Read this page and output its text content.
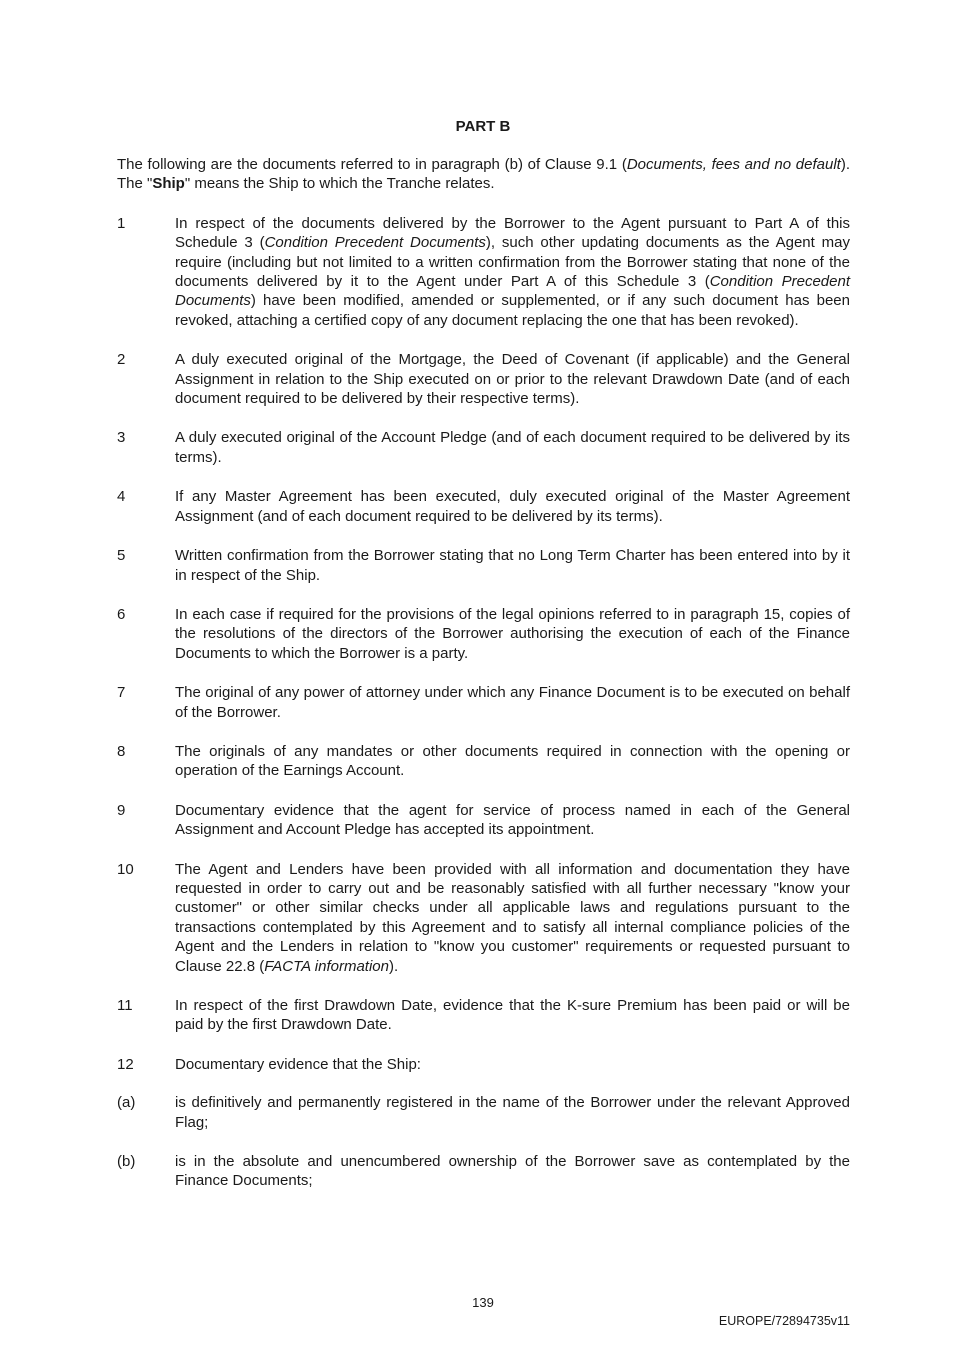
PART B

The following are the documents referred to in paragraph (b) of Clause 9.1 (Documents, fees and no default). The "Ship" means the Ship to which the Tranche relates.

1	In respect of the documents delivered by the Borrower to the Agent pursuant to Part A of this Schedule 3 (Condition Precedent Documents), such other updating documents as the Agent may require (including but not limited to a written confirmation from the Borrower stating that none of the documents delivered by it to the Agent under Part A of this Schedule 3 (Condition Precedent Documents) have been modified, amended or supplemented, or if any such document has been revoked, attaching a certified copy of any document replacing the one that has been revoked).
2	A duly executed original of the Mortgage, the Deed of Covenant (if applicable) and the General Assignment in relation to the Ship executed on or prior to the relevant Drawdown Date (and of each document required to be delivered by their respective terms).
3	A duly executed original of the Account Pledge (and of each document required to be delivered by its terms).
4	If any Master Agreement has been executed, duly executed original of the Master Agreement Assignment (and of each document required to be delivered by its terms).
5	Written confirmation from the Borrower stating that no Long Term Charter has been entered into by it in respect of the Ship.
6	In each case if required for the provisions of the legal opinions referred to in paragraph 15, copies of the resolutions of the directors of the Borrower authorising the execution of each of the Finance Documents to which the Borrower is a party.
7	The original of any power of attorney under which any Finance Document is to be executed on behalf of the Borrower.
8	The originals of any mandates or other documents required in connection with the opening or operation of the Earnings Account.
9	Documentary evidence that the agent for service of process named in each of the General Assignment and Account Pledge has accepted its appointment.
10	The Agent and Lenders have been provided with all information and documentation they have requested in order to carry out and be reasonably satisfied with all further necessary "know your customer" or other similar checks under all applicable laws and regulations pursuant to the transactions contemplated by this Agreement and to satisfy all internal compliance policies of the Agent and the Lenders in relation to "know you customer" requirements or requested pursuant to Clause 22.8 (FACTA information).
11	In respect of the first Drawdown Date, evidence that the K-sure Premium has been paid or will be paid by the first Drawdown Date.
12	Documentary evidence that the Ship:
(a)	is definitively and permanently registered in the name of the Borrower under the relevant Approved Flag;
(b)	is in the absolute and unencumbered ownership of the Borrower save as contemplated by the Finance Documents;
139
EUROPE/72894735v11
